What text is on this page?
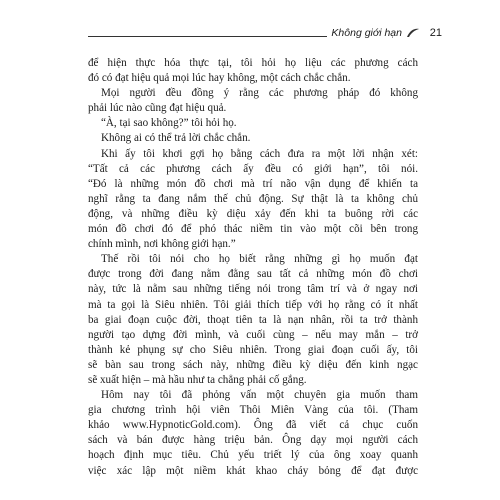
Không giới hạn	21
để hiện thực hóa thực tại, tôi hỏi họ liệu các phương cách
đó có đạt hiệu quả mọi lúc hay không, một cách chắc chắn.
Mọi người đều đồng ý rằng các phương pháp đó không
phải lúc nào cũng đạt hiệu quả.
“À, tại sao không?” tôi hỏi họ.
Không ai có thể trả lời chắc chắn.
Khi ấy tôi khơi gợi họ bằng cách đưa ra một lời nhận xét:
“Tất cả các phương cách ấy đều có giới hạn”, tôi nói.
“Đó là những món đồ chơi mà trí não vận dụng để khiến ta
nghĩ rằng ta đang nắm thế chủ động. Sự thật là ta không chủ
động, và những điều kỳ diệu xảy đến khi ta buông rời các
món đồ chơi đó để phó thác niềm tin vào một cõi bên trong
chính mình, nơi không giới hạn.”
Thế rồi tôi nói cho họ biết rằng những gì họ muốn đạt
được trong đời đang nằm đằng sau tất cả những món đồ chơi
này, tức là nằm sau những tiếng nói trong tâm trí và ở ngay nơi
mà ta gọi là Siêu nhiên. Tôi giải thích tiếp với họ rằng có ít nhất
ba giai đoạn cuộc đời, thoạt tiên ta là nạn nhân, rồi ta trở thành
người tạo dựng đời mình, và cuối cùng – nếu may mắn – trở
thành kẻ phụng sự cho Siêu nhiên. Trong giai đoạn cuối ấy, tôi
sẽ bàn sau trong sách này, những điều kỳ diệu đến kinh ngạc
sẽ xuất hiện – mà hầu như ta chẳng phải cố gắng.
Hôm nay tôi đã phỏng vấn một chuyên gia muốn tham
gia chương trình hội viên Thôi Miên Vàng của tôi. (Tham
khảo www.HypnoticGold.com). Ông đã viết cả chục cuốn
sách và bán được hàng triệu bản. Ông dạy mọi người cách
hoạch định mục tiêu. Chủ yếu triết lý của ông xoay quanh
việc xác lập một niềm khát khao cháy bỏng để đạt được
